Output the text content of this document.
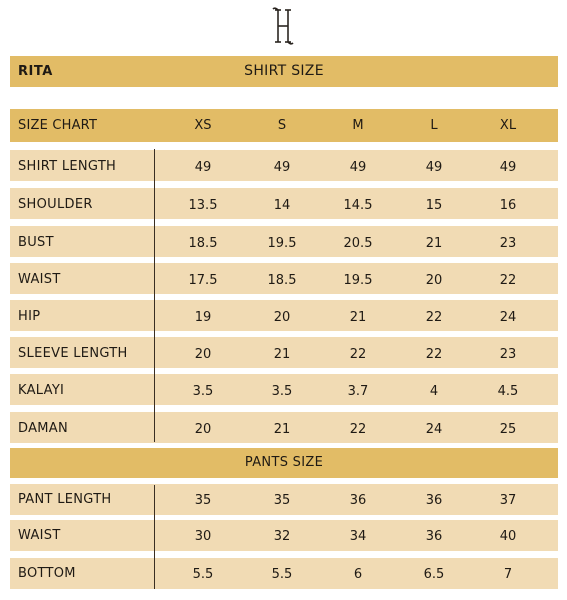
RITA	SHIRT SIZE
SIZE CHART	XS	S	M	L	XL
SHIRT LENGTH	49	49	49	49	49
SHOULDER	13.5	14	14.5	15	16
BUST	18.5	19.5	20.5	21	23
WAIST	17.5	18.5	19.5	20	22
HIP	19	20	21	22	24
SLEEVE LENGTH	20	21	22	22	23
KALAYI	3.5	3.5	3.7	4	4.5
DAMAN	20	21	22	24	25
PANTS SIZE
PANT LENGTH	35	35	36	36	37
WAIST	30	32	34	36	40
BOTTOM	5.5	5.5	6	6.5	7
